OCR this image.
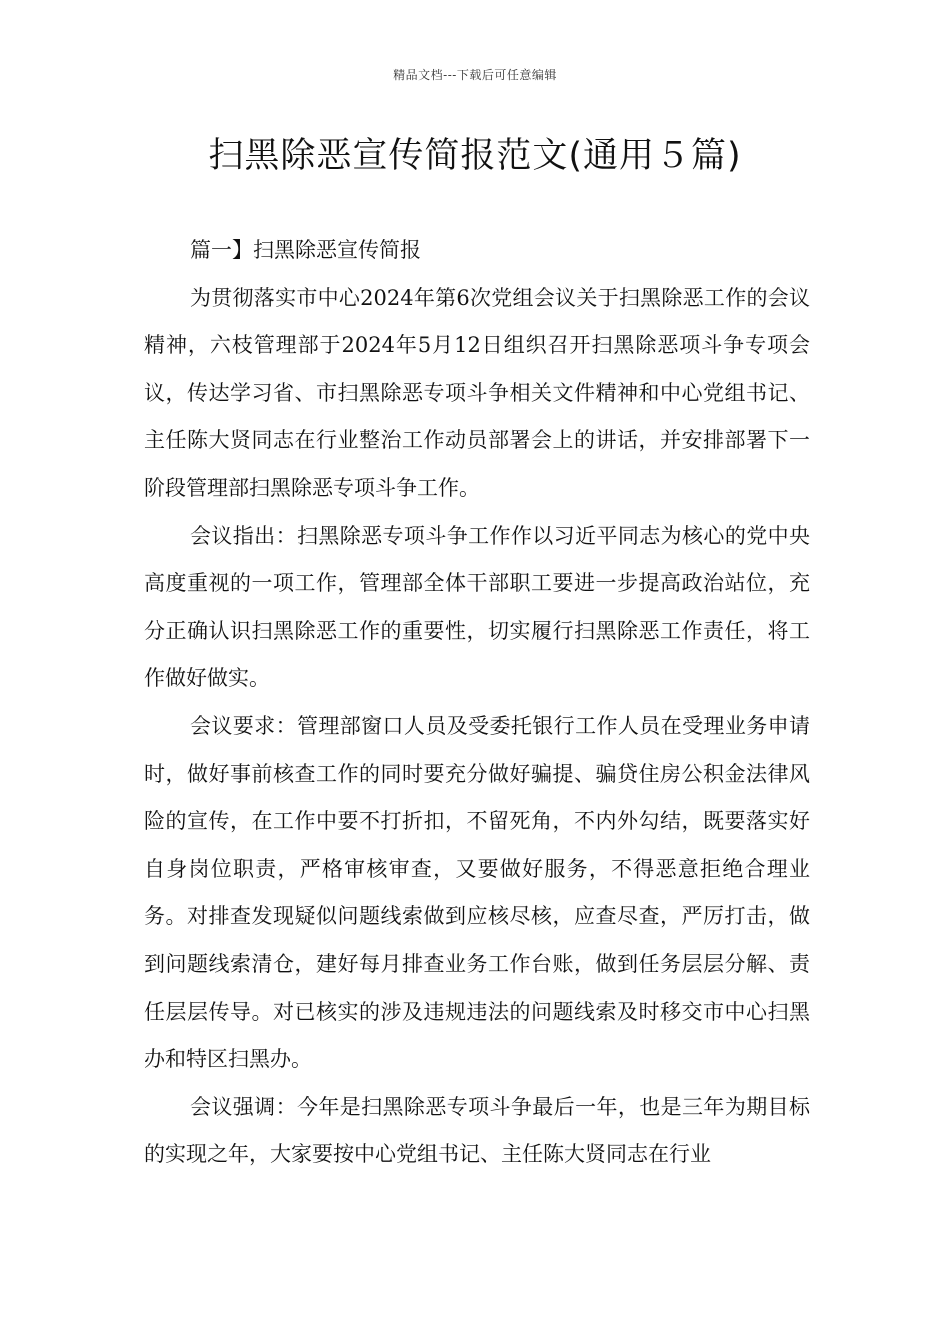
精品文档---下载后可任意编辑
扫黑除恶宣传简报范文(通用５篇)

篇一】扫黑除恶宣传简报

为贯彻落实市中心2024年第6次党组会议关于扫黑除恶工作的会议精神，六枝管理部于2024年5月12日组织召开扫黑除恶项斗争专项会议，传达学习省、市扫黑除恶专项斗争相关文件精神和中心党组书记、主任陈大贤同志在行业整治工作动员部署会上的讲话，并安排部署下一阶段管理部扫黑除恶专项斗争工作。

会议指出：扫黑除恶专项斗争工作作以习近平同志为核心的党中央高度重视的一项工作，管理部全体干部职工要进一步提高政治站位，充分正确认识扫黑除恶工作的重要性，切实履行扫黑除恶工作责任，将工作做好做实。

会议要求：管理部窗口人员及受委托银行工作人员在受理业务申请时，做好事前核查工作的同时要充分做好骗提、骗贷住房公积金法律风险的宣传，在工作中要不打折扣，不留死角，不内外勾结，既要落实好自身岗位职责，严格审核审查，又要做好服务，不得恶意拒绝合理业务。对排查发现疑似问题线索做到应核尽核，应查尽查，严厉打击，做到问题线索清仓，建好每月排查业务工作台账，做到任务层层分解、责任层层传导。对已核实的涉及违规违法的问题线索及时移交市中心扫黑办和特区扫黑办。

会议强调：今年是扫黑除恶专项斗争最后一年，也是三年为期目标的实现之年，大家要按中心党组书记、主任陈大贤同志在行业
